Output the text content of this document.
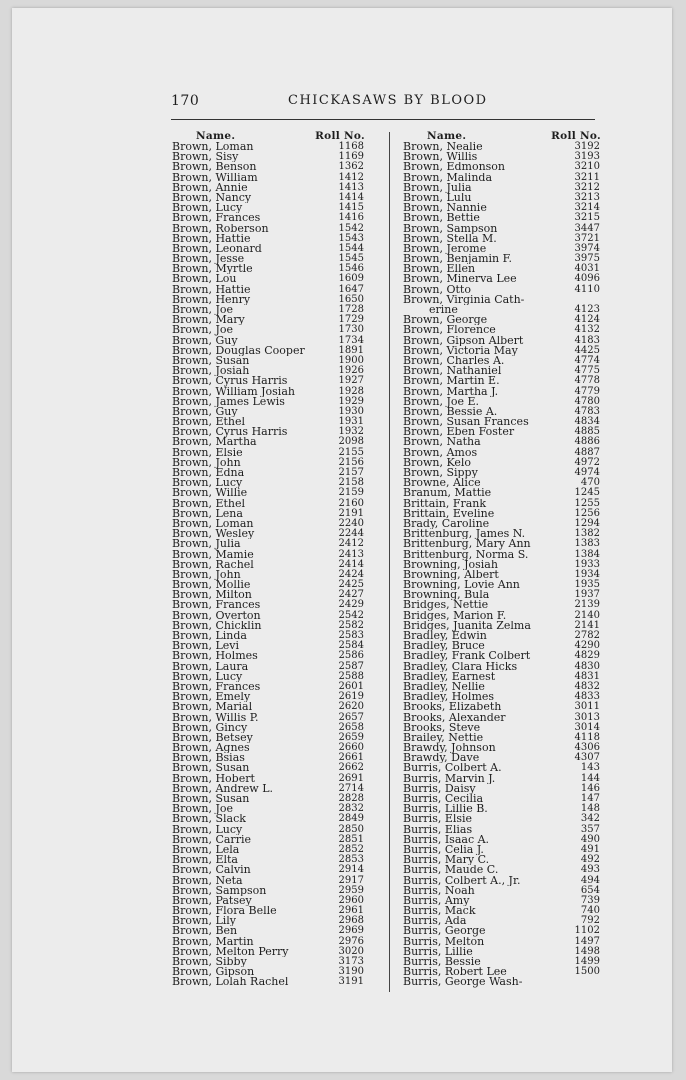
170	CHICKASAWS BY BLOOD
Name.	Roll No.
Brown, Loman	1168
Brown, Sisy	1169
Brown, Benson	1362
Brown, William	1412
Brown, Annie	1413
Brown, Nancy	1414
Brown, Lucy	1415
Brown, Frances	1416
Brown, Roberson	1542
Brown, Hattie	1543
Brown, Leonard	1544
Brown, Jesse	1545
Brown, Myrtle	1546
Brown, Lou	1609
Brown, Hattie	1647
Brown, Henry	1650
Brown, Joe	1728
Brown, Mary	1729
Brown, Joe	1730
Brown, Guy	1734
Brown, Douglas Cooper	1891
Brown, Susan	1900
Brown, Josiah	1926
Brown, Cyrus Harris	1927
Brown, William Josiah	1928
Brown, James Lewis	1929
Brown, Guy	1930
Brown, Ethel	1931
Brown, Cyrus Harris	1932
Brown, Martha	2098
Brown, Elsie	2155
Brown, John	2156
Brown, Edna	2157
Brown, Lucy	2158
Brown, Willie	2159
Brown, Ethel	2160
Brown, Lena	2191
Brown, Loman	2240
Brown, Wesley	2244
Brown, Julia	2412
Brown, Mamie	2413
Brown, Rachel	2414
Brown, John	2424
Brown, Mollie	2425
Brown, Milton	2427
Brown, Frances	2429
Brown, Overton	2542
Brown, Chicklin	2582
Brown, Linda	2583
Brown, Levi	2584
Brown, Holmes	2586
Brown, Laura	2587
Brown, Lucy	2588
Brown, Frances	2601
Brown, Emely	2619
Brown, Marial	2620
Brown, Willis P.	2657
Brown, Gincy	2658
Brown, Betsey	2659
Brown, Agnes	2660
Brown, Bsias	2661
Brown, Susan	2662
Brown, Hobert	2691
Brown, Andrew L.	2714
Brown, Susan	2828
Brown, Joe	2832
Brown, Slack	2849
Brown, Lucy	2850
Brown, Carrie	2851
Brown, Lela	2852
Brown, Elta	2853
Brown, Calvin	2914
Brown, Neta	2917
Brown, Sampson	2959
Brown, Patsey	2960
Brown, Flora Belle	2961
Brown, Lily	2968
Brown, Ben	2969
Brown, Martin	2976
Brown, Melton Perry	3020
Brown, Sibby	3173
Brown, Gipson	3190
Brown, Lolah Rachel	3191
Name.	Roll No.
Brown, Nealie	3192
Brown, Willis	3193
Brown, Edmonson	3210
Brown, Malinda	3211
Brown, Julia	3212
Brown, Lulu	3213
Brown, Nannie	3214
Brown, Bettie	3215
Brown, Sampson	3447
Brown, Stella M.	3721
Brown, Jerome	3974
Brown, Benjamin F.	3975
Brown, Ellen	4031
Brown, Minerva Lee	4096
Brown, Otto	4110
Brown, Virginia Cath-
erine	4123
Brown, George	4124
Brown, Florence	4132
Brown, Gipson Albert	4183
Brown, Victoria May	4425
Brown, Charles A.	4774
Brown, Nathaniel	4775
Brown, Martin E.	4778
Brown, Martha J.	4779
Brown, Joe E.	4780
Brown, Bessie A.	4783
Brown, Susan Frances	4834
Brown, Eben Foster	4885
Brown, Natha	4886
Brown, Amos	4887
Brown, Kelo	4972
Brown, Sippy	4974
Browne, Alice	470
Branum, Mattie	1245
Brittain, Frank	1255
Brittain, Eveline	1256
Brady, Caroline	1294
Brittenburg, James N.	1382
Brittenburg, Mary Ann	1383
Brittenburg, Norma S.	1384
Browning, Josiah	1933
Browning, Albert	1934
Browning, Lovie Ann	1935
Browning, Bula	1937
Bridges, Nettie	2139
Bridges, Marion F.	2140
Bridges, Juanita Zelma	2141
Bradley, Edwin	2782
Bradley, Bruce	4290
Bradley, Frank Colbert	4829
Bradley, Clara Hicks	4830
Bradley, Earnest	4831
Bradley, Nellie	4832
Bradley, Holmes	4833
Brooks, Elizabeth	3011
Brooks, Alexander	3013
Brooks, Steve	3014
Brailey, Nettie	4118
Brawdy, Johnson	4306
Brawdy, Dave	4307
Burris, Colbert A.	143
Burris, Marvin J.	144
Burris, Daisy	146
Burris, Cecilia	147
Burris, Lillie B.	148
Burris, Elsie	342
Burris, Elias	357
Burris, Isaac A.	490
Burris, Celia J.	491
Burris, Mary C.	492
Burris, Maude C.	493
Burris, Colbert A., Jr.	494
Burris, Noah	654
Burris, Amy	739
Burris, Mack	740
Burris, Ada	792
Burris, George	1102
Burris, Melton	1497
Burris, Lillie	1498
Burris, Bessie	1499
Burris, Robert Lee	1500
Burris, George Wash-
